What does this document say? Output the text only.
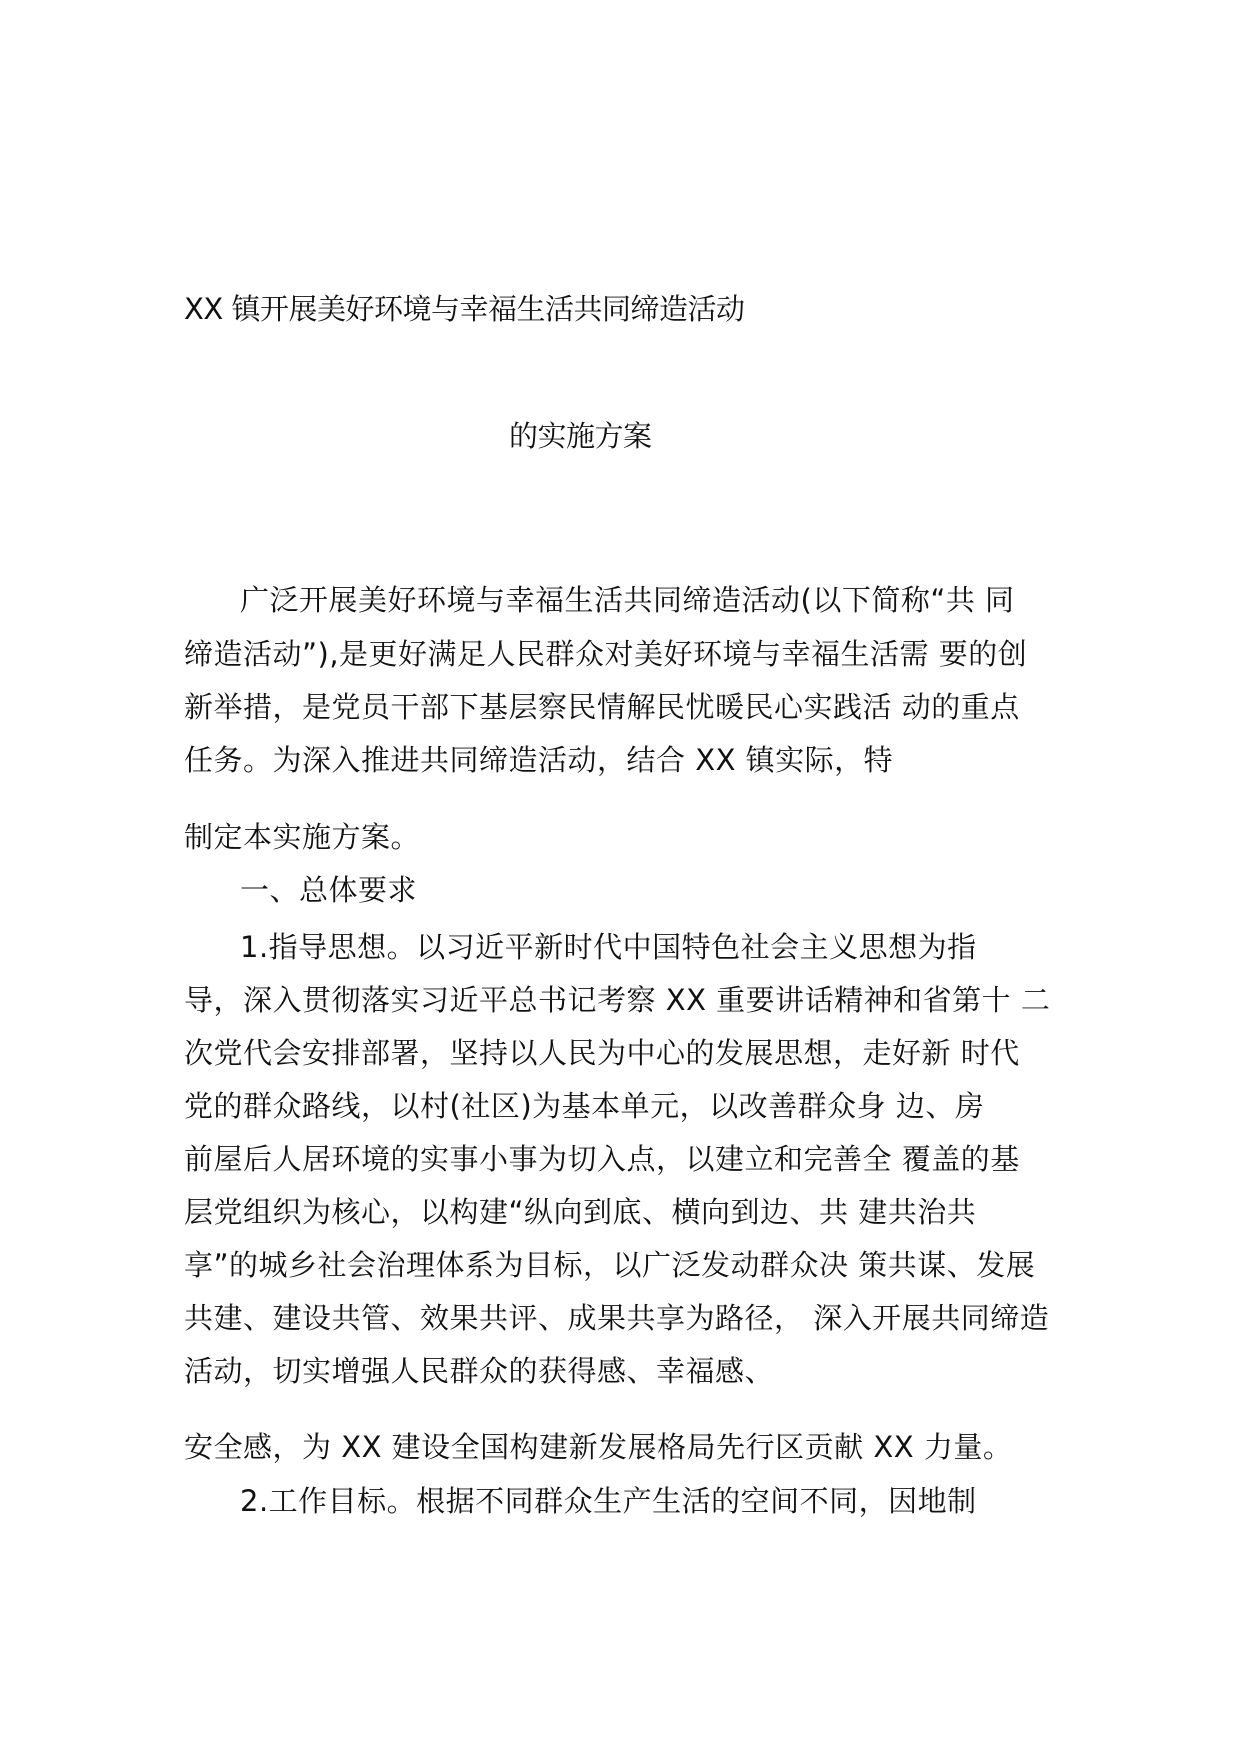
XX 镇开展美好环境与幸福生活共同缔造活动
的实施方案
广泛开展美好环境与幸福生活共同缔造活动(以下简称“共 同
缔造活动”),是更好满足人民群众对美好环境与幸福生活需 要的创
新举措，是党员干部下基层察民情解民忧暖民心实践活 动的重点
任务。为深入推进共同缔造活动，结合 XX 镇实际，特
制定本实施方案。
一、总体要求
1.指导思想。以习近平新时代中国特色社会主义思想为指
导，深入贯彻落实习近平总书记考察 XX 重要讲话精神和省第十 二
次党代会安排部署，坚持以人民为中心的发展思想，走好新 时代
党的群众路线，以村(社区)为基本单元，以改善群众身 边、房
前屋后人居环境的实事小事为切入点，以建立和完善全 覆盖的基
层党组织为核心，以构建“纵向到底、横向到边、共 建共治共
享”的城乡社会治理体系为目标，以广泛发动群众决 策共谋、发展
共建、建设共管、效果共评、成果共享为路径， 深入开展共同缔造
活动，切实增强人民群众的获得感、幸福感、
安全感，为 XX 建设全国构建新发展格局先行区贡献 XX 力量。
2.工作目标。根据不同群众生产生活的空间不同，因地制
